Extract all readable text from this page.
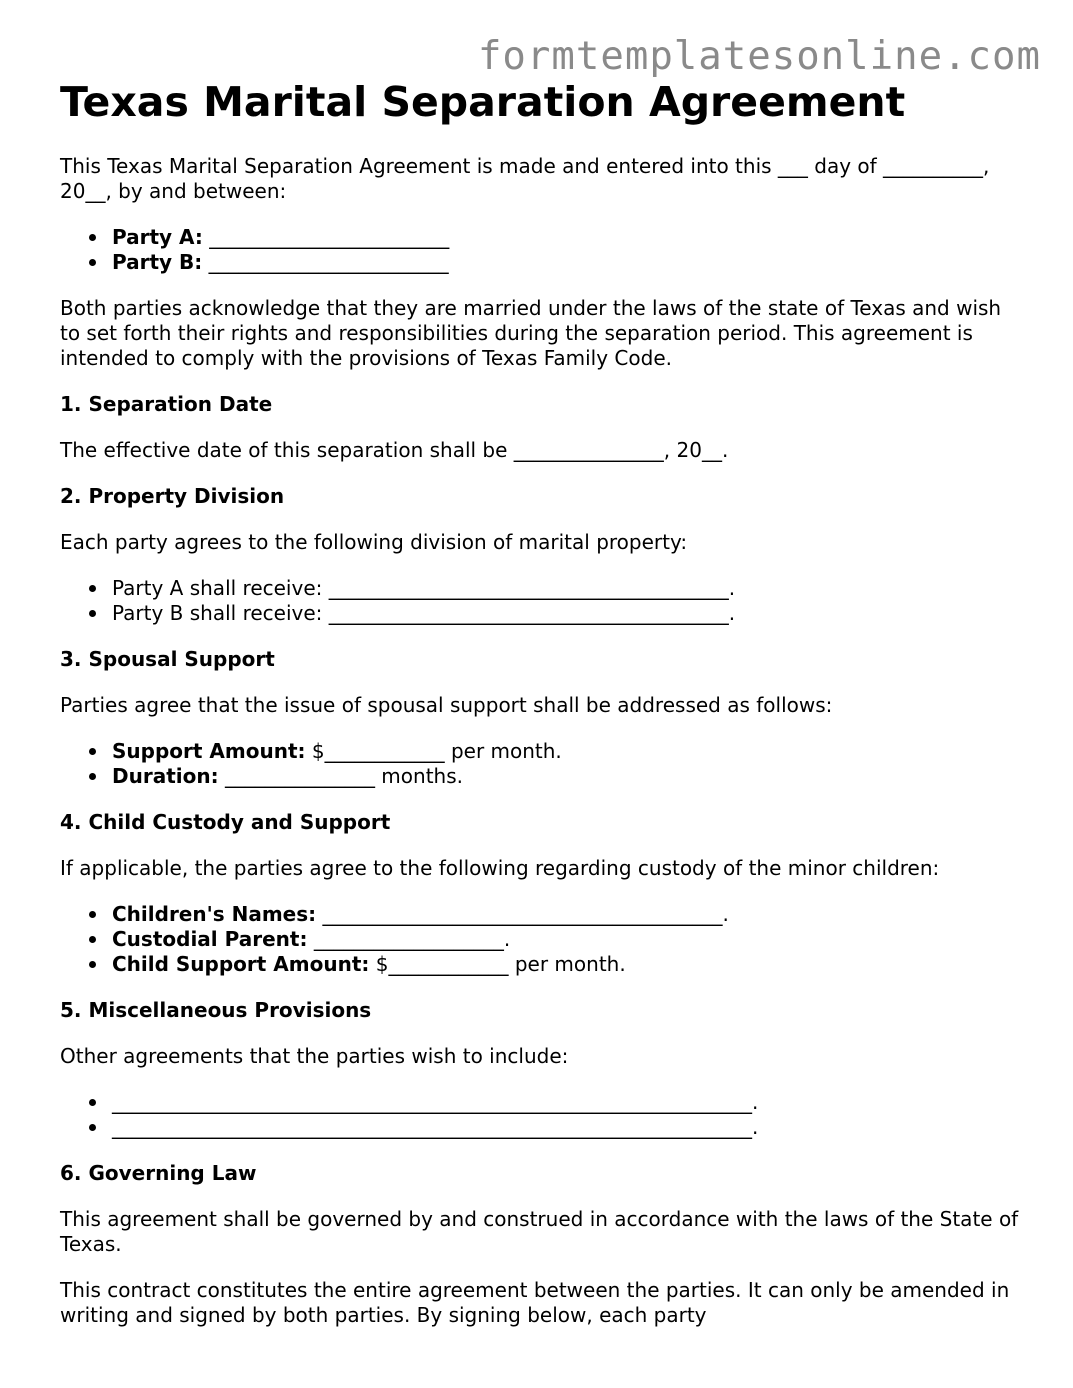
formtemplatesonline.com
Texas Marital Separation Agreement

This Texas Marital Separation Agreement is made and entered into this ___ day of __________, 20__, by and between:

Party A: ________________________
Party B: ________________________

Both parties acknowledge that they are married under the laws of the state of Texas and wish to set forth their rights and responsibilities during the separation period. This agreement is intended to comply with the provisions of Texas Family Code.

1. Separation Date

The effective date of this separation shall be _______________, 20__.

2. Property Division

Each party agrees to the following division of marital property:

Party A shall receive: ________________________________________.
Party B shall receive: ________________________________________.
3. Spousal Support

Parties agree that the issue of spousal support shall be addressed as follows:

Support Amount: $____________ per month.
Duration: _______________ months.
4. Child Custody and Support

If applicable, the parties agree to the following regarding custody of the minor children:

Children's Names: ________________________________________.
Custodial Parent: ___________________.
Child Support Amount: $____________ per month.
5. Miscellaneous Provisions

Other agreements that the parties wish to include:

________________________________________________________________.
________________________________________________________________.
6. Governing Law

This agreement shall be governed by and construed in accordance with the laws of the State of Texas.

This contract constitutes the entire agreement between the parties. It can only be amended in writing and signed by both parties. By signing below, each party
